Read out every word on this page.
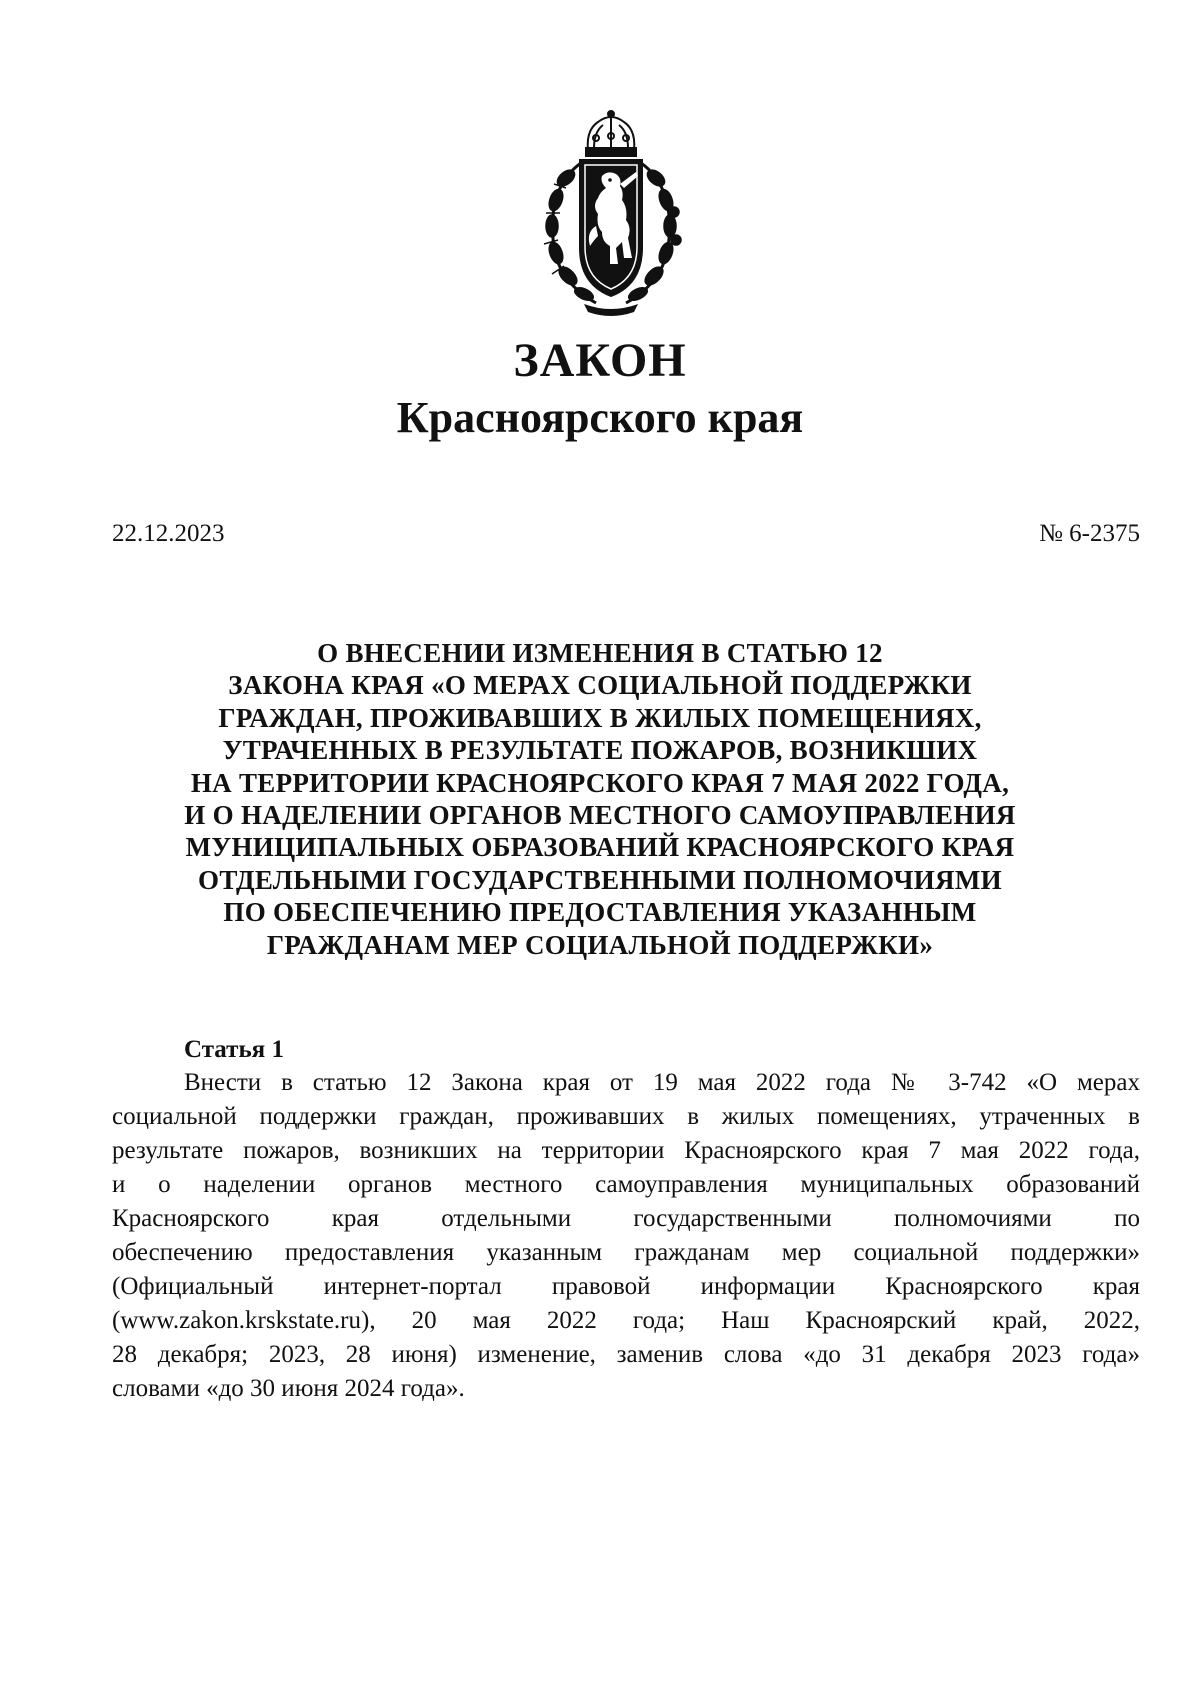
ЗАКОН
Красноярского края
22.12.2023	№ 6-2375
О ВНЕСЕНИИ ИЗМЕНЕНИЯ В СТАТЬЮ 12
ЗАКОНА КРАЯ «О МЕРАХ СОЦИАЛЬНОЙ ПОДДЕРЖКИ
ГРАЖДАН, ПРОЖИВАВШИХ В ЖИЛЫХ ПОМЕЩЕНИЯХ,
УТРАЧЕННЫХ В РЕЗУЛЬТАТЕ ПОЖАРОВ, ВОЗНИКШИХ
НА ТЕРРИТОРИИ КРАСНОЯРСКОГО КРАЯ 7 МАЯ 2022 ГОДА,
И О НАДЕЛЕНИИ ОРГАНОВ МЕСТНОГО САМОУПРАВЛЕНИЯ
МУНИЦИПАЛЬНЫХ ОБРАЗОВАНИЙ КРАСНОЯРСКОГО КРАЯ
ОТДЕЛЬНЫМИ ГОСУДАРСТВЕННЫМИ ПОЛНОМОЧИЯМИ
ПО ОБЕСПЕЧЕНИЮ ПРЕДОСТАВЛЕНИЯ УКАЗАННЫМ
ГРАЖДАНАМ МЕР СОЦИАЛЬНОЙ ПОДДЕРЖКИ»
Статья 1
Внести в статью 12 Закона края от 19 мая 2022 года № 3-742 «О мерах
социальной поддержки граждан, проживавших в жилых помещениях, утраченных в
результате пожаров, возникших на территории Красноярского края 7 мая 2022 года,
и о наделении органов местного самоуправления муниципальных образований
Красноярского края отдельными государственными полномочиями по
обеспечению предоставления указанным гражданам мер социальной поддержки»
(Официальный интернет-портал правовой информации Красноярского края
(www.zakon.krskstate.ru), 20 мая 2022 года; Наш Красноярский край, 2022,
28 декабря; 2023, 28 июня) изменение, заменив слова «до 31 декабря 2023 года»
словами «до 30 июня 2024 года».
